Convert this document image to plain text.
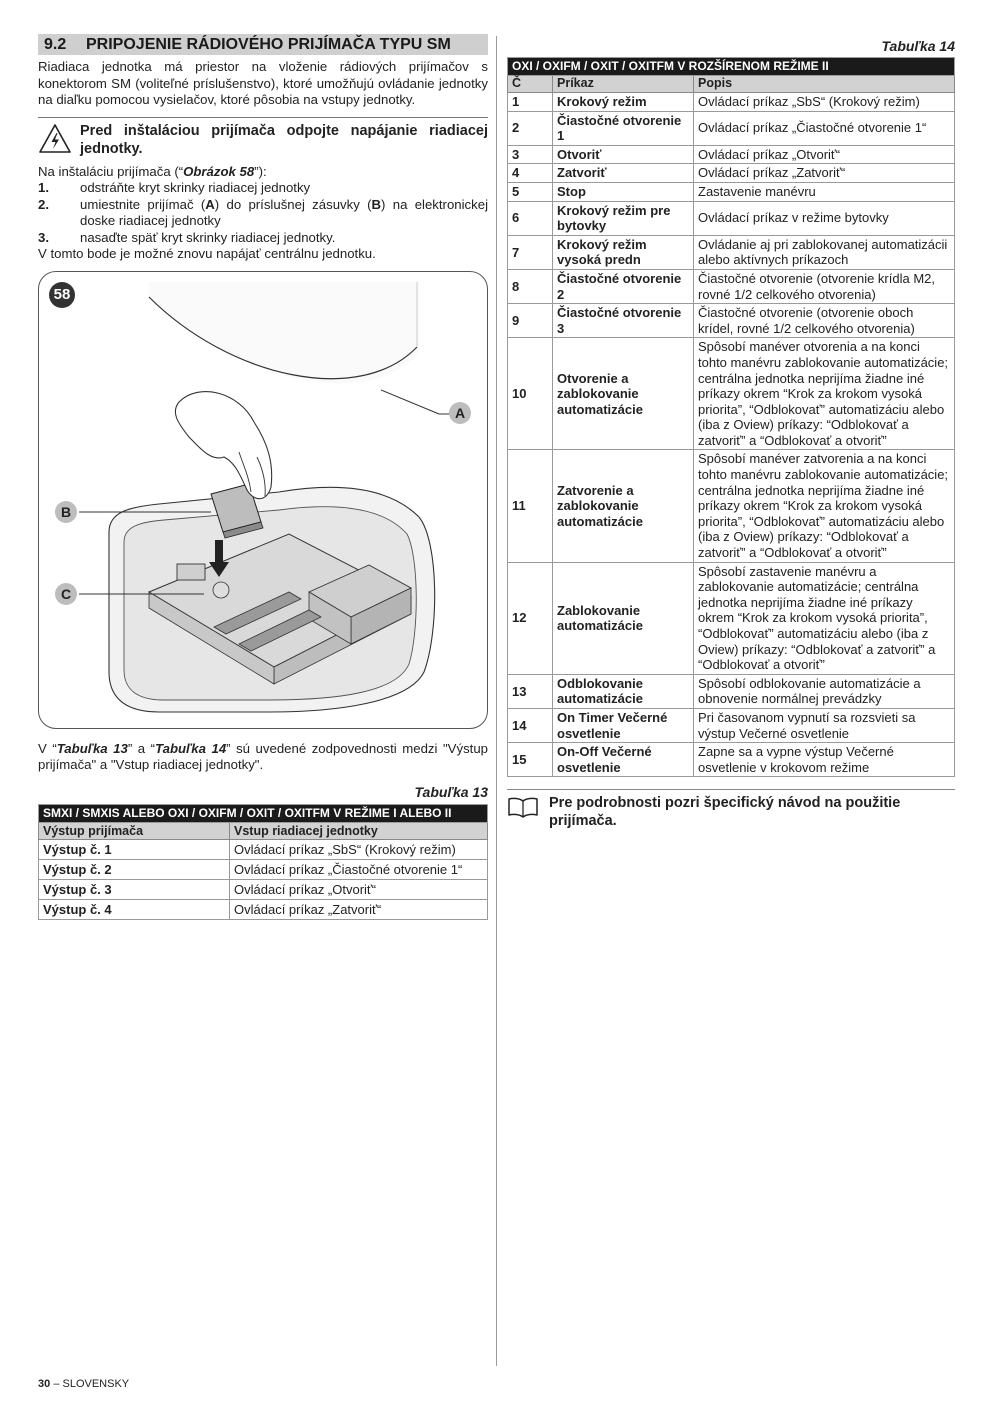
9.2	PRIPOJENIE RÁDIOVÉHO PRIJÍMAČA TYPU SM
Riadiaca jednotka má priestor na vloženie rádiových prijímačov s konektorom SM (voliteľné príslušenstvo), ktoré umožňujú ovládanie jednotky na diaľku pomocou vysielačov, ktoré pôsobia na vstupy jednotky.
Pred inštaláciou prijímača odpojte napájanie riadiacej jednotky.
Na inštaláciu prijímača (“Obrázok 58”):
1.	odstráňte kryt skrinky riadiacej jednotky
2.	umiestnite prijímač (A) do príslušnej zásuvky (B) na elektronickej doske riadiacej jednotky
3.	nasaďte späť kryt skrinky riadiacej jednotky.
V tomto bode je možné znovu napájať centrálnu jednotku.
58
A
B
C
V “Tabuľka 13” a “Tabuľka 14” sú uvedené zodpovednosti medzi "Výstup prijímača" a "Vstup riadiacej jednotky".
Tabuľka 13
SMXI / SMXIS ALEBO OXI / OXIFM / OXIT / OXITFM V REŽIME I ALEBO II	
Výstup prijímača	Vstup riadiacej jednotky
Výstup č. 1	Ovládací príkaz „SbS“ (Krokový režim)
Výstup č. 2	Ovládací príkaz „Čiastočné otvorenie 1“
Výstup č. 3	Ovládací príkaz „Otvoriť“
Výstup č. 4	Ovládací príkaz „Zatvoriť“
Tabuľka 14
OXI / OXIFM / OXIT / OXITFM V ROZŠÍRENOM REŽIME II		
Č	Príkaz	Popis
1	Krokový režim	Ovládací príkaz „SbS“ (Krokový režim)
2	Čiastočné otvorenie 1	Ovládací príkaz „Čiastočné otvorenie 1“
3	Otvoriť	Ovládací príkaz „Otvoriť“
4	Zatvoriť	Ovládací príkaz „Zatvoriť“
5	Stop	Zastavenie manévru
6	Krokový režim pre bytovky	Ovládací príkaz v režime bytovky
7	Krokový režim vysoká predn	Ovládanie aj pri zablokovanej automatizácii alebo aktívnych príkazoch
8	Čiastočné otvorenie 2	Čiastočné otvorenie (otvorenie krídla M2, rovné 1/2 celkového otvorenia)
9	Čiastočné otvorenie 3	Čiastočné otvorenie (otvorenie oboch krídel, rovné 1/2 celkového otvorenia)
10	Otvorenie a zablokovanie automatizácie	Spôsobí manéver otvorenia a na konci tohto manévru zablokovanie automatizácie; centrálna jednotka neprijíma žiadne iné príkazy okrem “Krok za krokom vysoká priorita”, “Odblokovať” automatizáciu alebo (iba z Oview) príkazy: “Odblokovať a zatvoriť” a “Odblokovať a otvoriť”
11	Zatvorenie a zablokovanie automatizácie	Spôsobí manéver zatvorenia a na konci tohto manévru zablokovanie automatizácie; centrálna jednotka neprijíma žiadne iné príkazy okrem “Krok za krokom vysoká priorita”, “Odblokovať” automatizáciu alebo (iba z Oview) príkazy: “Odblokovať a zatvoriť” a “Odblokovať a otvoriť”
12	Zablokovanie automatizácie	Spôsobí zastavenie manévru a zablokovanie automatizácie; centrálna jednotka neprijíma žiadne iné príkazy okrem “Krok za krokom vysoká priorita”, “Odblokovať” automatizáciu alebo (iba z Oview) príkazy: “Odblokovať a zatvoriť” a “Odblokovať a otvoriť”
13	Odblokovanie automatizácie	Spôsobí odblokovanie automatizácie a obnovenie normálnej prevádzky
14	On Timer Večerné osvetlenie	Pri časovanom vypnutí sa rozsvieti sa výstup Večerné osvetlenie
15	On-Off Večerné osvetlenie	Zapne sa a vypne výstup Večerné osvetlenie v krokovom režime
Pre podrobnosti pozri špecifický návod na použitie prijímača.
30 – SLOVENSKY
